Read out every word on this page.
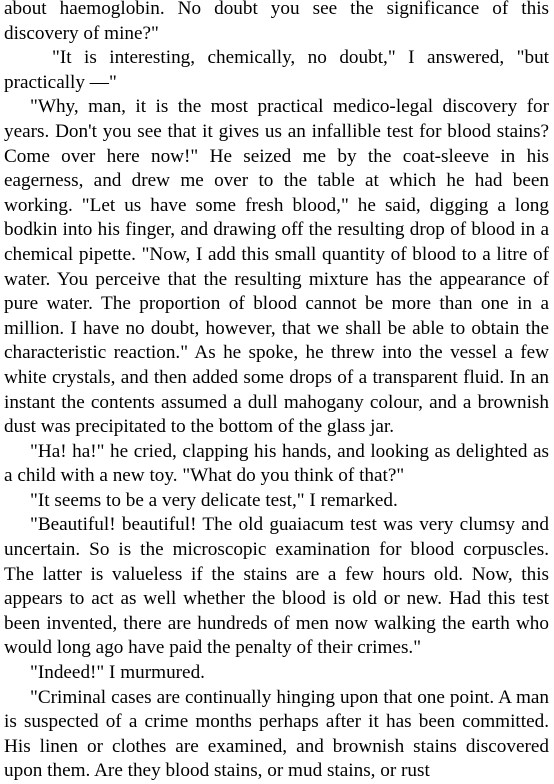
about haemoglobin. No doubt you see the significance of this discovery of mine?"

"It is interesting, chemically, no doubt," I answered, "but practically —"

"Why, man, it is the most practical medico-legal discovery for years. Don't you see that it gives us an infallible test for blood stains? Come over here now!" He seized me by the coat-sleeve in his eagerness, and drew me over to the table at which he had been working. "Let us have some fresh blood," he said, digging a long bodkin into his finger, and drawing off the resulting drop of blood in a chemical pipette. "Now, I add this small quantity of blood to a litre of water. You perceive that the resulting mixture has the appearance of pure water. The proportion of blood cannot be more than one in a million. I have no doubt, however, that we shall be able to obtain the characteristic reaction." As he spoke, he threw into the vessel a few white crystals, and then added some drops of a transparent fluid. In an instant the contents assumed a dull mahogany colour, and a brownish dust was precipitated to the bottom of the glass jar.

"Ha! ha!" he cried, clapping his hands, and looking as delighted as a child with a new toy. "What do you think of that?"

"It seems to be a very delicate test," I remarked.

"Beautiful! beautiful! The old guaiacum test was very clumsy and uncertain. So is the microscopic examination for blood corpuscles. The latter is valueless if the stains are a few hours old. Now, this appears to act as well whether the blood is old or new. Had this test been invented, there are hundreds of men now walking the earth who would long ago have paid the penalty of their crimes."

"Indeed!" I murmured.

"Criminal cases are continually hinging upon that one point. A man is suspected of a crime months perhaps after it has been committed. His linen or clothes are examined, and brownish stains discovered upon them. Are they blood stains, or mud stains, or rust
